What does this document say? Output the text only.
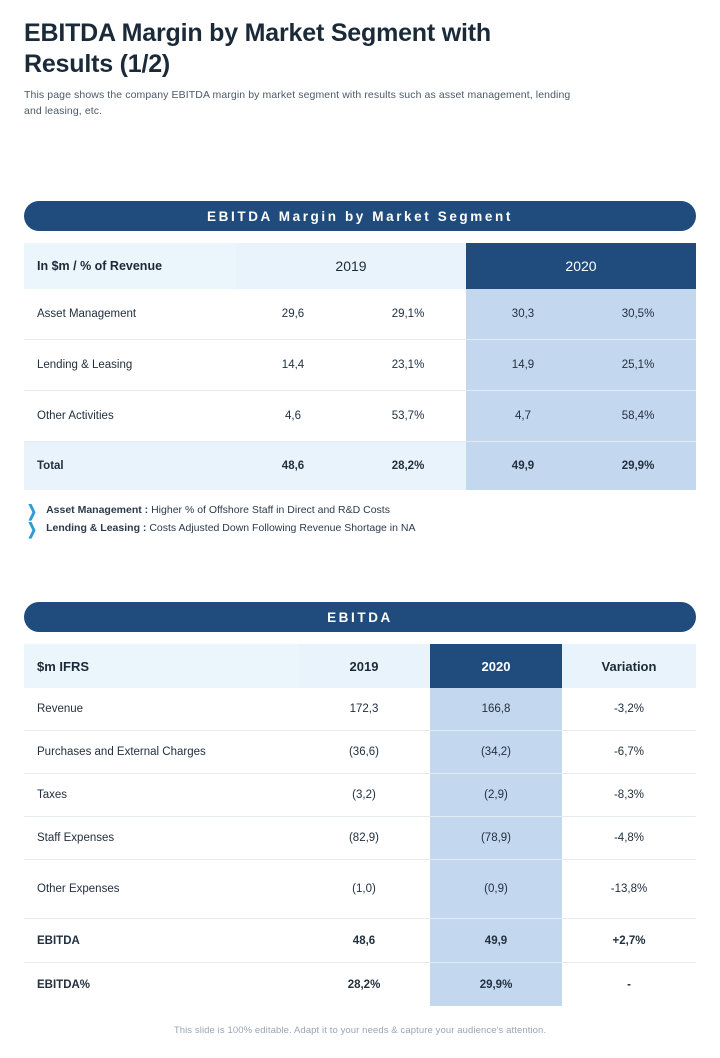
EBITDA Margin by Market Segment with Results (1/2)

This page shows the company EBITDA margin by market segment with results such as asset management, lending and leasing, etc.

EBITDA Margin by Market Segment
In $m / % of Revenue	2019		2020	
Asset Management	29,6	29,1%	30,3	30,5%
Lending & Leasing	14,4	23,1%	14,9	25,1%
Other Activities	4,6	53,7%	4,7	58,4%
Total	48,6	28,2%	49,9	29,9%
❯ Asset Management : Higher % of Offshore Staff in Direct and R&D Costs
❯ Lending & Leasing : Costs Adjusted Down Following Revenue Shortage in NA
EBITDA
$m IFRS	2019	2020	Variation
Revenue	172,3	166,8	-3,2%
Purchases and External Charges	(36,6)	(34,2)	-6,7%
Taxes	(3,2)	(2,9)	-8,3%
Staff Expenses	(82,9)	(78,9)	-4,8%
Other Expenses	(1,0)	(0,9)	-13,8%
EBITDA	48,6	49,9	+2,7%
EBITDA%	28,2%	29,9%	-
This slide is 100% editable. Adapt it to your needs & capture your audience's attention.
